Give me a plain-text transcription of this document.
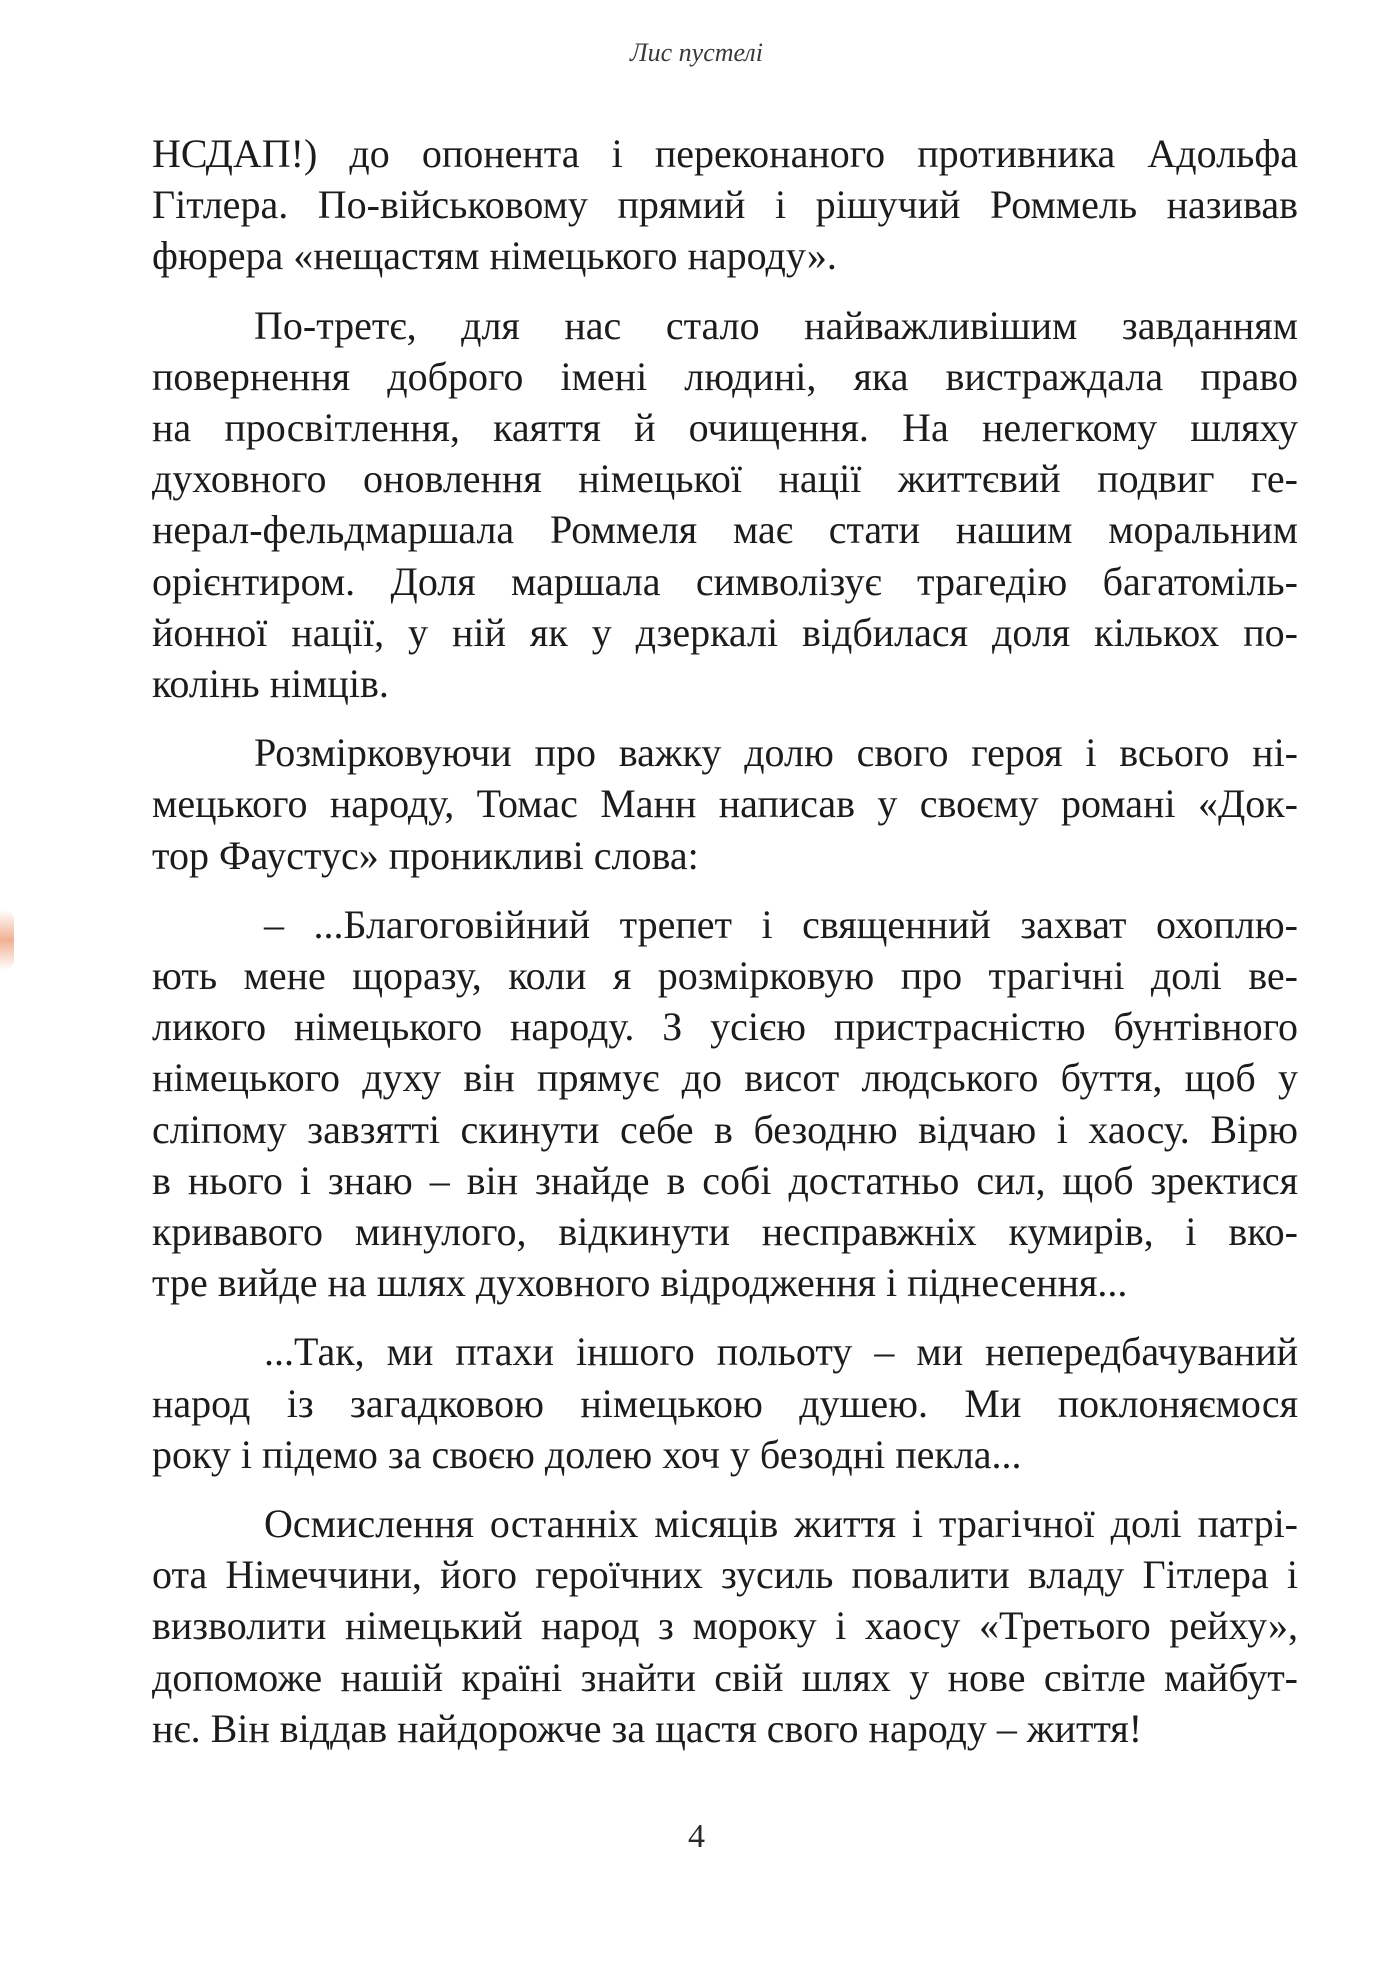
Лис пустелі

НСДАП!) до опонента і переконаного противника Адольфа
Гітлера. По-військовому прямий і рішучий Роммель називав
фюрера «нещастям німецького народу».

По-третє, для нас стало найважливішим завданням
повернення доброго імені людині, яка вистраждала право
на просвітлення, каяття й очищення. На нелегкому шляху
духовного оновлення німецької нації життєвий подвиг ге-
нерал-фельдмаршала Роммеля має стати нашим моральним
орієнтиром. Доля маршала символізує трагедію багатоміль-
йонної нації, у ній як у дзеркалі відбилася доля кількох по-
колінь німців.

Розмірковуючи про важку долю свого героя і всього ні-
мецького народу, Томас Манн написав у своєму романі «Док-
тор Фаустус» проникливі слова:

– ...Благоговійний трепет і священний захват охоплю-
ють мене щоразу, коли я розмірковую про трагічні долі ве-
ликого німецького народу. З усією пристрасністю бунтівного
німецького духу він прямує до висот людського буття, щоб у
сліпому завзятті скинути себе в безодню відчаю і хаосу. Вірю
в нього і знаю – він знайде в собі достатньо сил, щоб зректися
кривавого минулого, відкинути несправжніх кумирів, і вко-
тре вийде на шлях духовного відродження і піднесення...

...Так, ми птахи іншого польоту – ми непередбачуваний
народ із загадковою німецькою душею. Ми поклоняємося
року і підемо за своєю долею хоч у безодні пекла...

Осмислення останніх місяців життя і трагічної долі патрі-
ота Німеччини, його героїчних зусиль повалити владу Гітлера і
визволити німецький народ з мороку і хаосу «Третього рейху»,
допоможе нашій країні знайти свій шлях у нове світле майбут-
нє. Він віддав найдорожче за щастя свого народу – життя!

4
